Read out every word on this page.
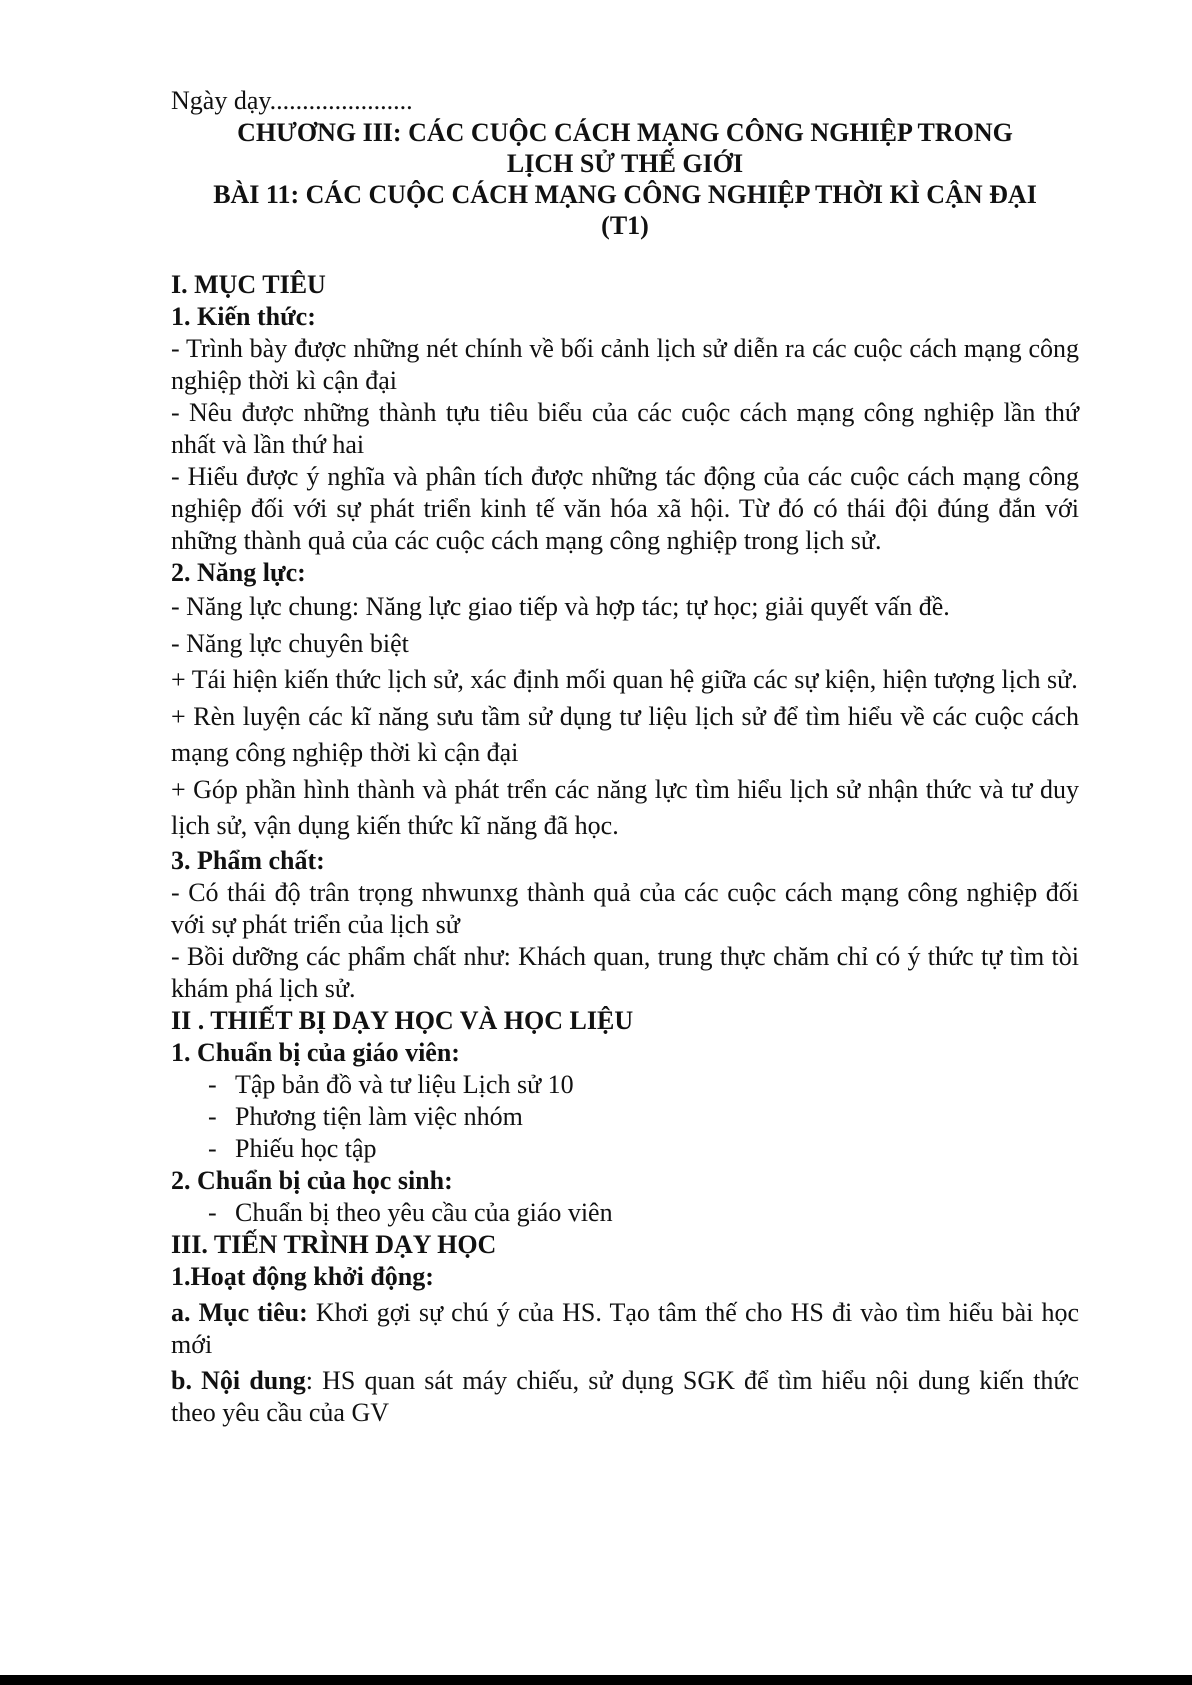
Ngày dạy......................
CHƯƠNG III: CÁC CUỘC CÁCH MẠNG CÔNG NGHIỆP TRONG
LỊCH SỬ THẾ GIỚI
BÀI 11: CÁC CUỘC CÁCH MẠNG CÔNG NGHIỆP THỜI KÌ CẬN ĐẠI
(T1)
I. MỤC TIÊU
1. Kiến thức:

- Trình bày được những nét chính về bối cảnh lịch sử diễn ra các cuộc cách mạng công nghiệp thời kì cận đại

- Nêu được những thành tựu tiêu biểu của các cuộc cách mạng công nghiệp lần thứ nhất và lần thứ hai

- Hiểu được ý nghĩa và phân tích được những tác động của các cuộc cách mạng công nghiệp đối với sự phát triển kinh tế văn hóa xã hội. Từ đó có thái đội đúng đắn với những thành quả của các cuộc cách mạng công nghiệp trong lịch sử.

2. Năng lực:

- Năng lực chung: Năng lực giao tiếp và hợp tác; tự học; giải quyết vấn đề.

- Năng lực chuyên biệt

+ Tái hiện kiến thức lịch sử, xác định mối quan hệ giữa các sự kiện, hiện tượng lịch sử.

+ Rèn luyện các kĩ năng sưu tầm sử dụng tư liệu lịch sử để tìm hiểu về các cuộc cách mạng công nghiệp thời kì cận đại

+ Góp phần hình thành và phát trển các năng lực tìm hiểu lịch sử nhận thức và tư duy lịch sử, vận dụng kiến thức kĩ năng đã học.

3. Phẩm chất:

- Có thái độ trân trọng nhwunxg thành quả của các cuộc cách mạng công nghiệp đối với sự phát triển của lịch sử

- Bồi dưỡng các phẩm chất như: Khách quan, trung thực chăm chỉ có ý thức tự tìm tòi khám phá lịch sử.

II . THIẾT BỊ DẠY HỌC VÀ HỌC LIỆU
1. Chuẩn bị của giáo viên:
- Tập bản đồ và tư liệu Lịch sử 10
- Phương tiện làm việc nhóm
- Phiếu học tập
2. Chuẩn bị của học sinh:
- Chuẩn bị theo yêu cầu của giáo viên
III. TIẾN TRÌNH DẠY HỌC
1.Hoạt động khởi động:

a. Mục tiêu: Khơi gợi sự chú ý của HS. Tạo tâm thế cho HS đi vào tìm hiểu bài học mới

b. Nội dung: HS quan sát máy chiếu, sử dụng SGK để tìm hiểu nội dung kiến thức theo yêu cầu của GV
